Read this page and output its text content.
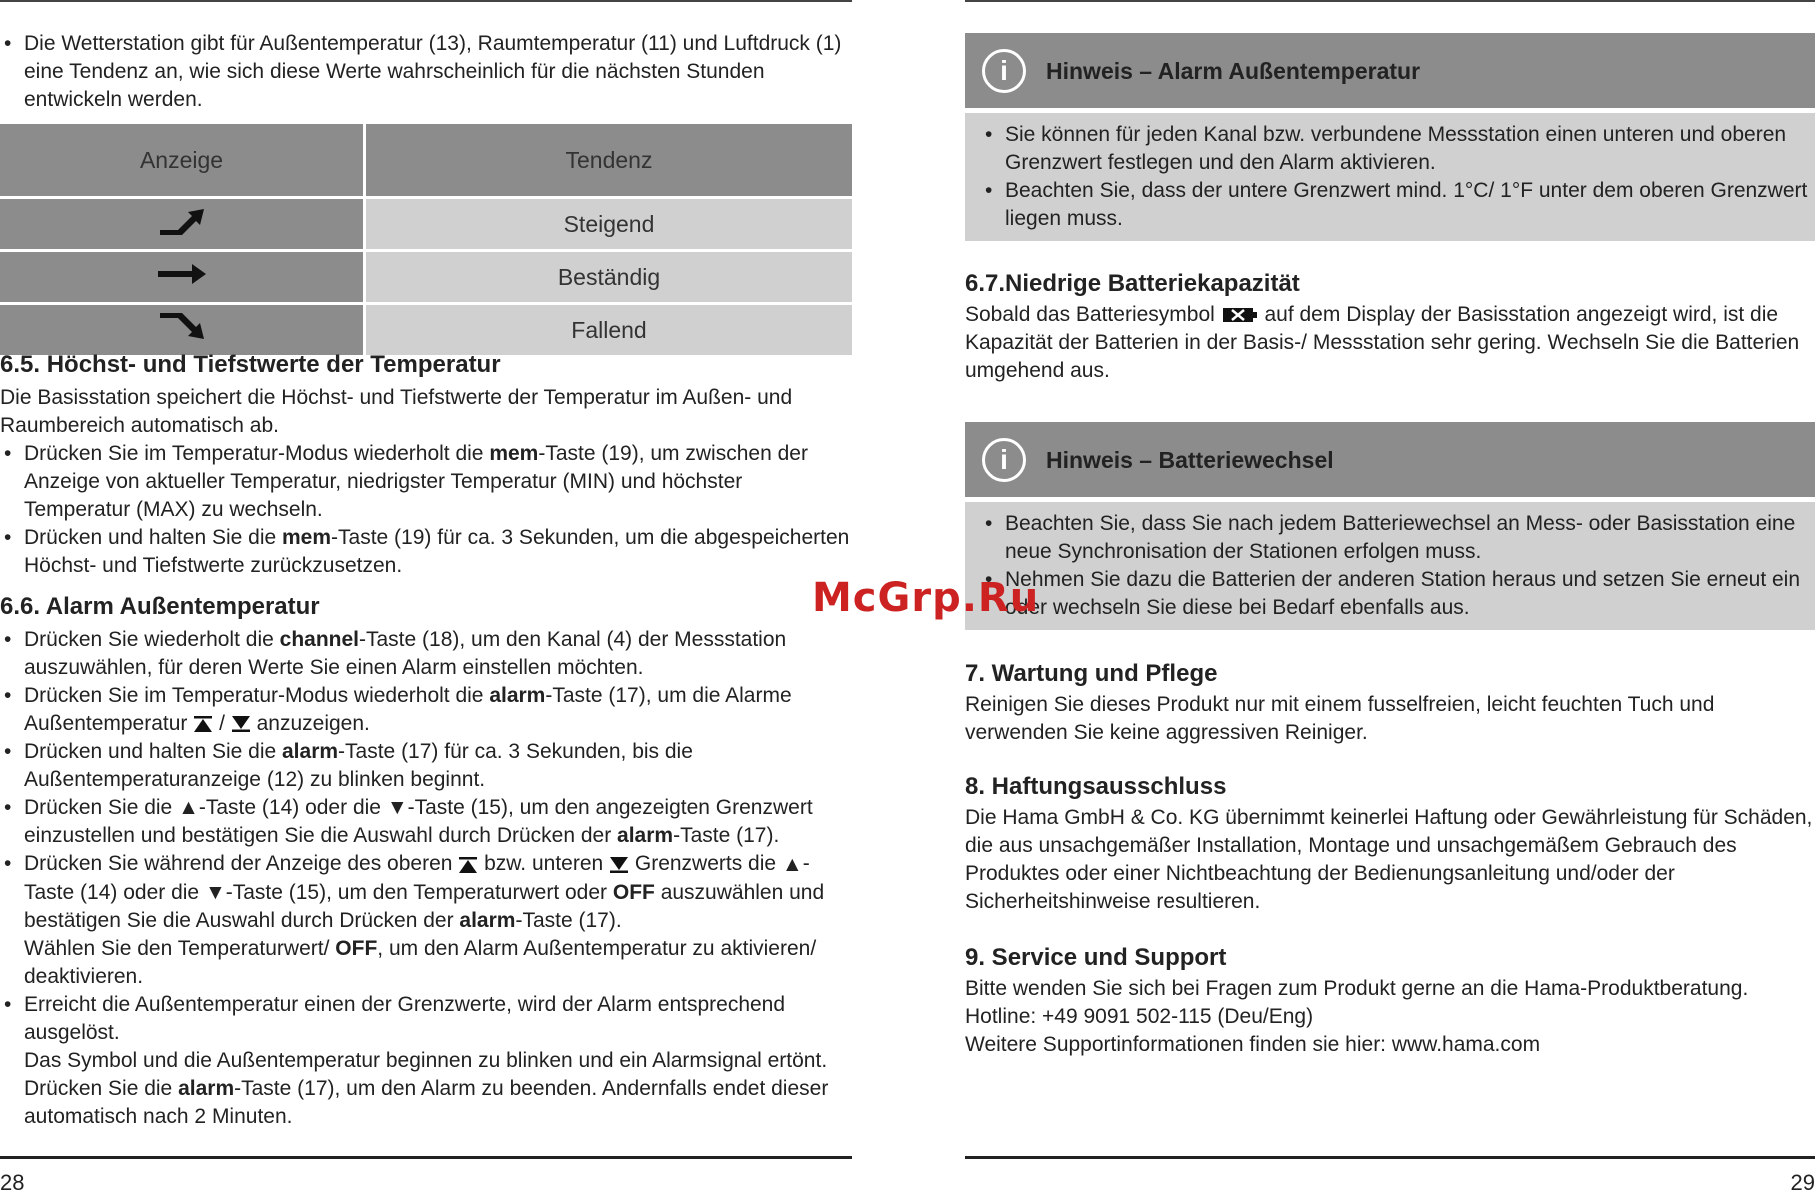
• Die Wetterstation gibt für Außentemperatur (13), Raumtemperatur (11) und Luftdruck (1) eine Tendenz an, wie sich diese Werte wahrscheinlich für die nächsten Stunden entwickeln werden.
Anzeige	Tendenz
	Steigend
	Beständig
	Fallend
6.5. Höchst- und Tiefstwerte der Temperatur

Die Basisstation speichert die Höchst- und Tiefstwerte der Temperatur im Außen- und Raumbereich automatisch ab.

• Drücken Sie im Temperatur-Modus wiederholt die mem-Taste (19), um zwischen der Anzeige von aktueller Temperatur, niedrigster Temperatur (MIN) und höchster Temperatur (MAX) zu wechseln.
• Drücken und halten Sie die mem-Taste (19) für ca. 3 Sekunden, um die abgespeicherten Höchst- und Tiefstwerte zurückzusetzen.
6.6. Alarm Außentemperatur
• Drücken Sie wiederholt die channel-Taste (18), um den Kanal (4) der Messstation auszuwählen, für deren Werte Sie einen Alarm einstellen möchten.
• Drücken Sie im Temperatur-Modus wiederholt die alarm-Taste (17), um die Alarme Außentemperatur  /  anzuzeigen.
• Drücken und halten Sie die alarm-Taste (17) für ca. 3 Sekunden, bis die Außentemperaturanzeige (12) zu blinken beginnt.
• Drücken Sie die ▲-Taste (14) oder die ▼-Taste (15), um den angezeigten Grenzwert einzustellen und bestätigen Sie die Auswahl durch Drücken der alarm-Taste (17).
• Drücken Sie während der Anzeige des oberen  bzw. unteren  Grenzwerts die ▲-Taste (14) oder die ▼-Taste (15), um den Temperaturwert oder OFF auszuwählen und bestätigen Sie die Auswahl durch Drücken der alarm-Taste (17).
Wählen Sie den Temperaturwert/ OFF, um den Alarm Außentemperatur zu aktivieren/ deaktivieren.
• Erreicht die Außentemperatur einen der Grenzwerte, wird der Alarm entsprechend ausgelöst.
Das Symbol und die Außentemperatur beginnen zu blinken und ein Alarmsignal ertönt.
Drücken Sie die alarm-Taste (17), um den Alarm zu beenden. Andernfalls endet dieser automatisch nach 2 Minuten.
28
i	Hinweis – Alarm Außentemperatur
• Sie können für jeden Kanal bzw. verbundene Messstation einen unteren und oberen Grenzwert festlegen und den Alarm aktivieren.
• Beachten Sie, dass der untere Grenzwert mind. 1°C/ 1°F unter dem oberen Grenzwert liegen muss.
6.7.Niedrige Batteriekapazität

Sobald das Batteriesymbol  auf dem Display der Basisstation angezeigt wird, ist die Kapazität der Batterien in der Basis-/ Messstation sehr gering. Wechseln Sie die Batterien umgehend aus.

i	Hinweis – Batteriewechsel
• Beachten Sie, dass Sie nach jedem Batteriewechsel an Mess- oder Basisstation eine neue Synchronisation der Stationen erfolgen muss.
• Nehmen Sie dazu die Batterien der anderen Station heraus und setzen Sie erneut ein oder wechseln Sie diese bei Bedarf ebenfalls aus.
7. Wartung und Pflege

Reinigen Sie dieses Produkt nur mit einem fusselfreien, leicht feuchten Tuch und verwenden Sie keine aggressiven Reiniger.

8. Haftungsausschluss

Die Hama GmbH & Co. KG übernimmt keinerlei Haftung oder Gewährleistung für Schäden, die aus unsachgemäßer Installation, Montage und unsachgemäßem Gebrauch des Produktes oder einer Nichtbeachtung der Bedienungsanleitung und/oder der Sicherheitshinweise resultieren.

9. Service und Support

Bitte wenden Sie sich bei Fragen zum Produkt gerne an die Hama-Produktberatung.

Hotline: +49 9091 502-115 (Deu/Eng)

Weitere Supportinformationen finden sie hier: www.hama.com

29
McGrp.Ru
